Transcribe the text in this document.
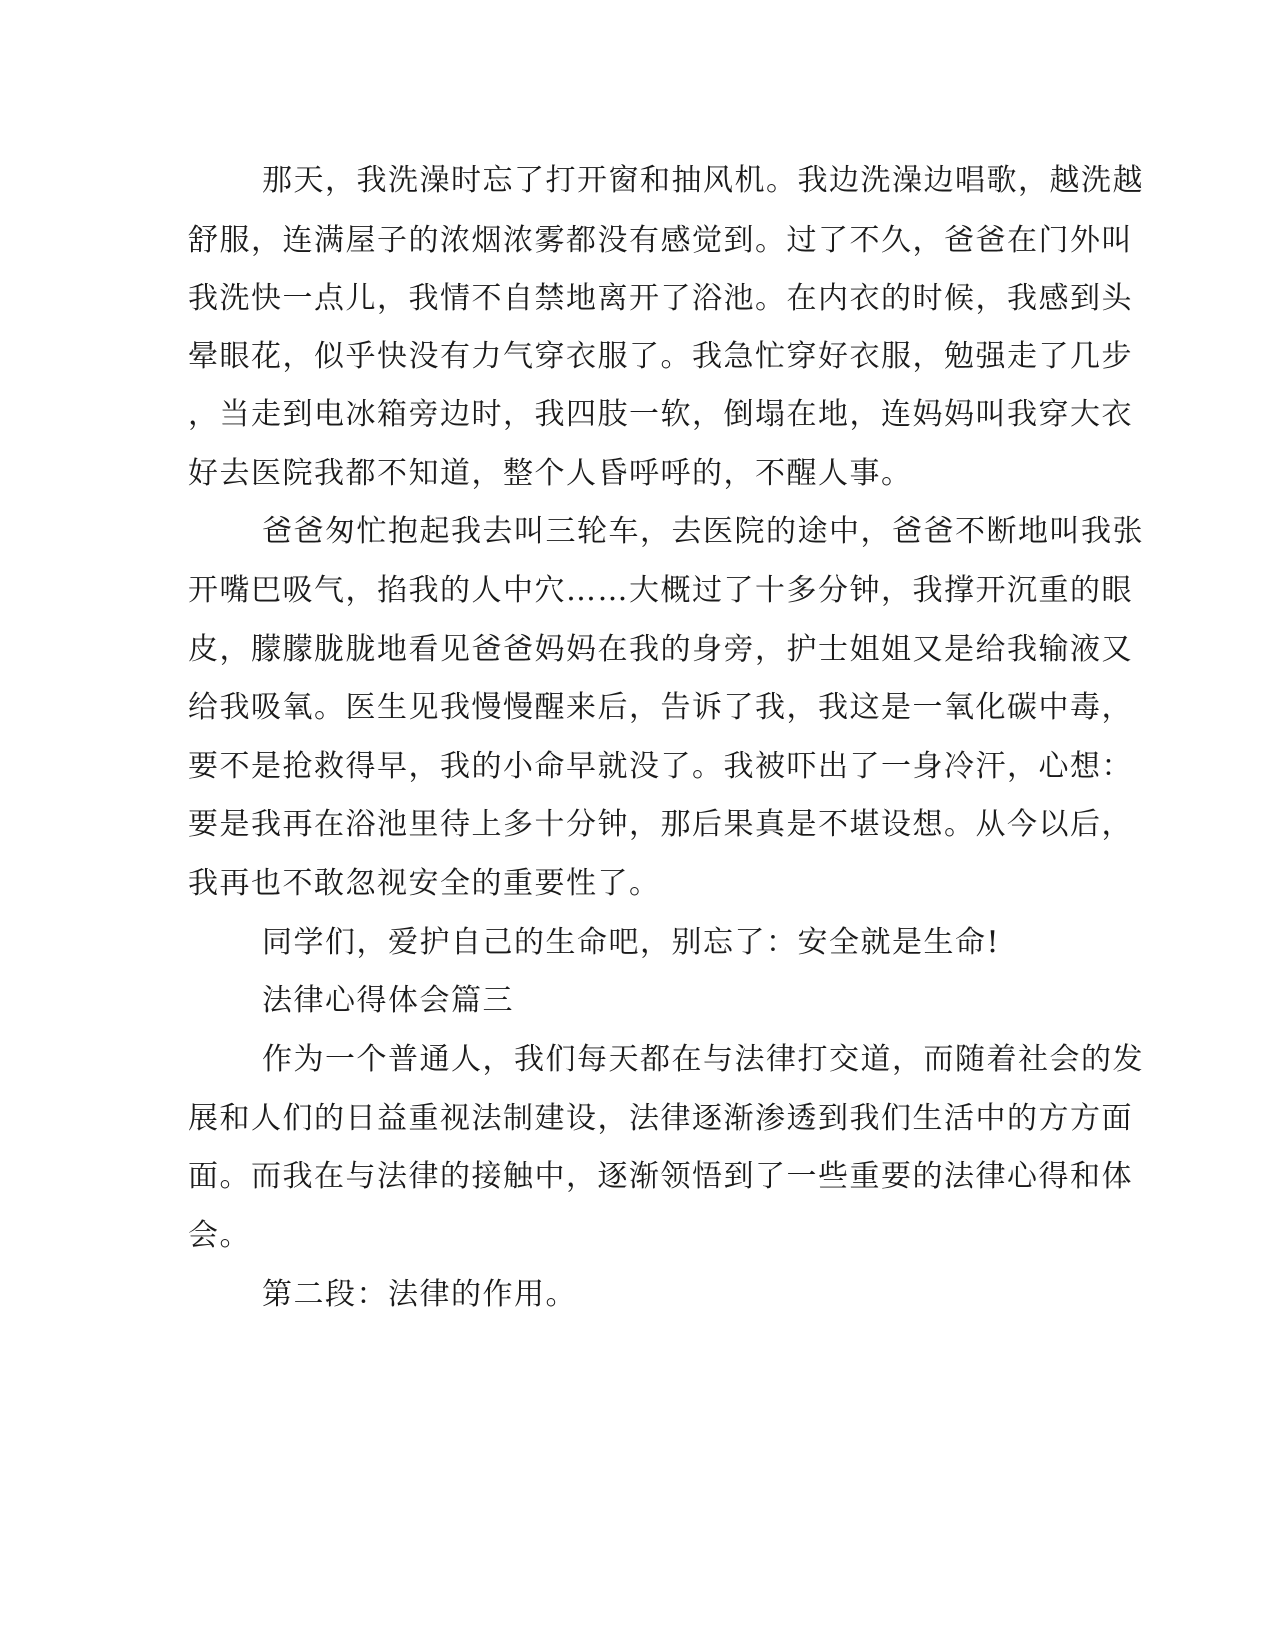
那天，我洗澡时忘了打开窗和抽风机。我边洗澡边唱歌，越洗越
舒服，连满屋子的浓烟浓雾都没有感觉到。过了不久，爸爸在门外叫
我洗快一点儿，我情不自禁地离开了浴池。在内衣的时候，我感到头
晕眼花，似乎快没有力气穿衣服了。我急忙穿好衣服，勉强走了几步
，当走到电冰箱旁边时，我四肢一软，倒塌在地，连妈妈叫我穿大衣
好去医院我都不知道，整个人昏呼呼的，不醒人事。
爸爸匆忙抱起我去叫三轮车，去医院的途中，爸爸不断地叫我张
开嘴巴吸气，掐我的人中穴……大概过了十多分钟，我撑开沉重的眼
皮，朦朦胧胧地看见爸爸妈妈在我的身旁，护士姐姐又是给我输液又
给我吸氧。医生见我慢慢醒来后，告诉了我，我这是一氧化碳中毒，
要不是抢救得早，我的小命早就没了。我被吓出了一身冷汗，心想：
要是我再在浴池里待上多十分钟，那后果真是不堪设想。从今以后，
我再也不敢忽视安全的重要性了。
同学们，爱护自己的生命吧，别忘了：安全就是生命!
法律心得体会篇三
作为一个普通人，我们每天都在与法律打交道，而随着社会的发
展和人们的日益重视法制建设，法律逐渐渗透到我们生活中的方方面
面。而我在与法律的接触中，逐渐领悟到了一些重要的法律心得和体
会。
第二段：法律的作用。
